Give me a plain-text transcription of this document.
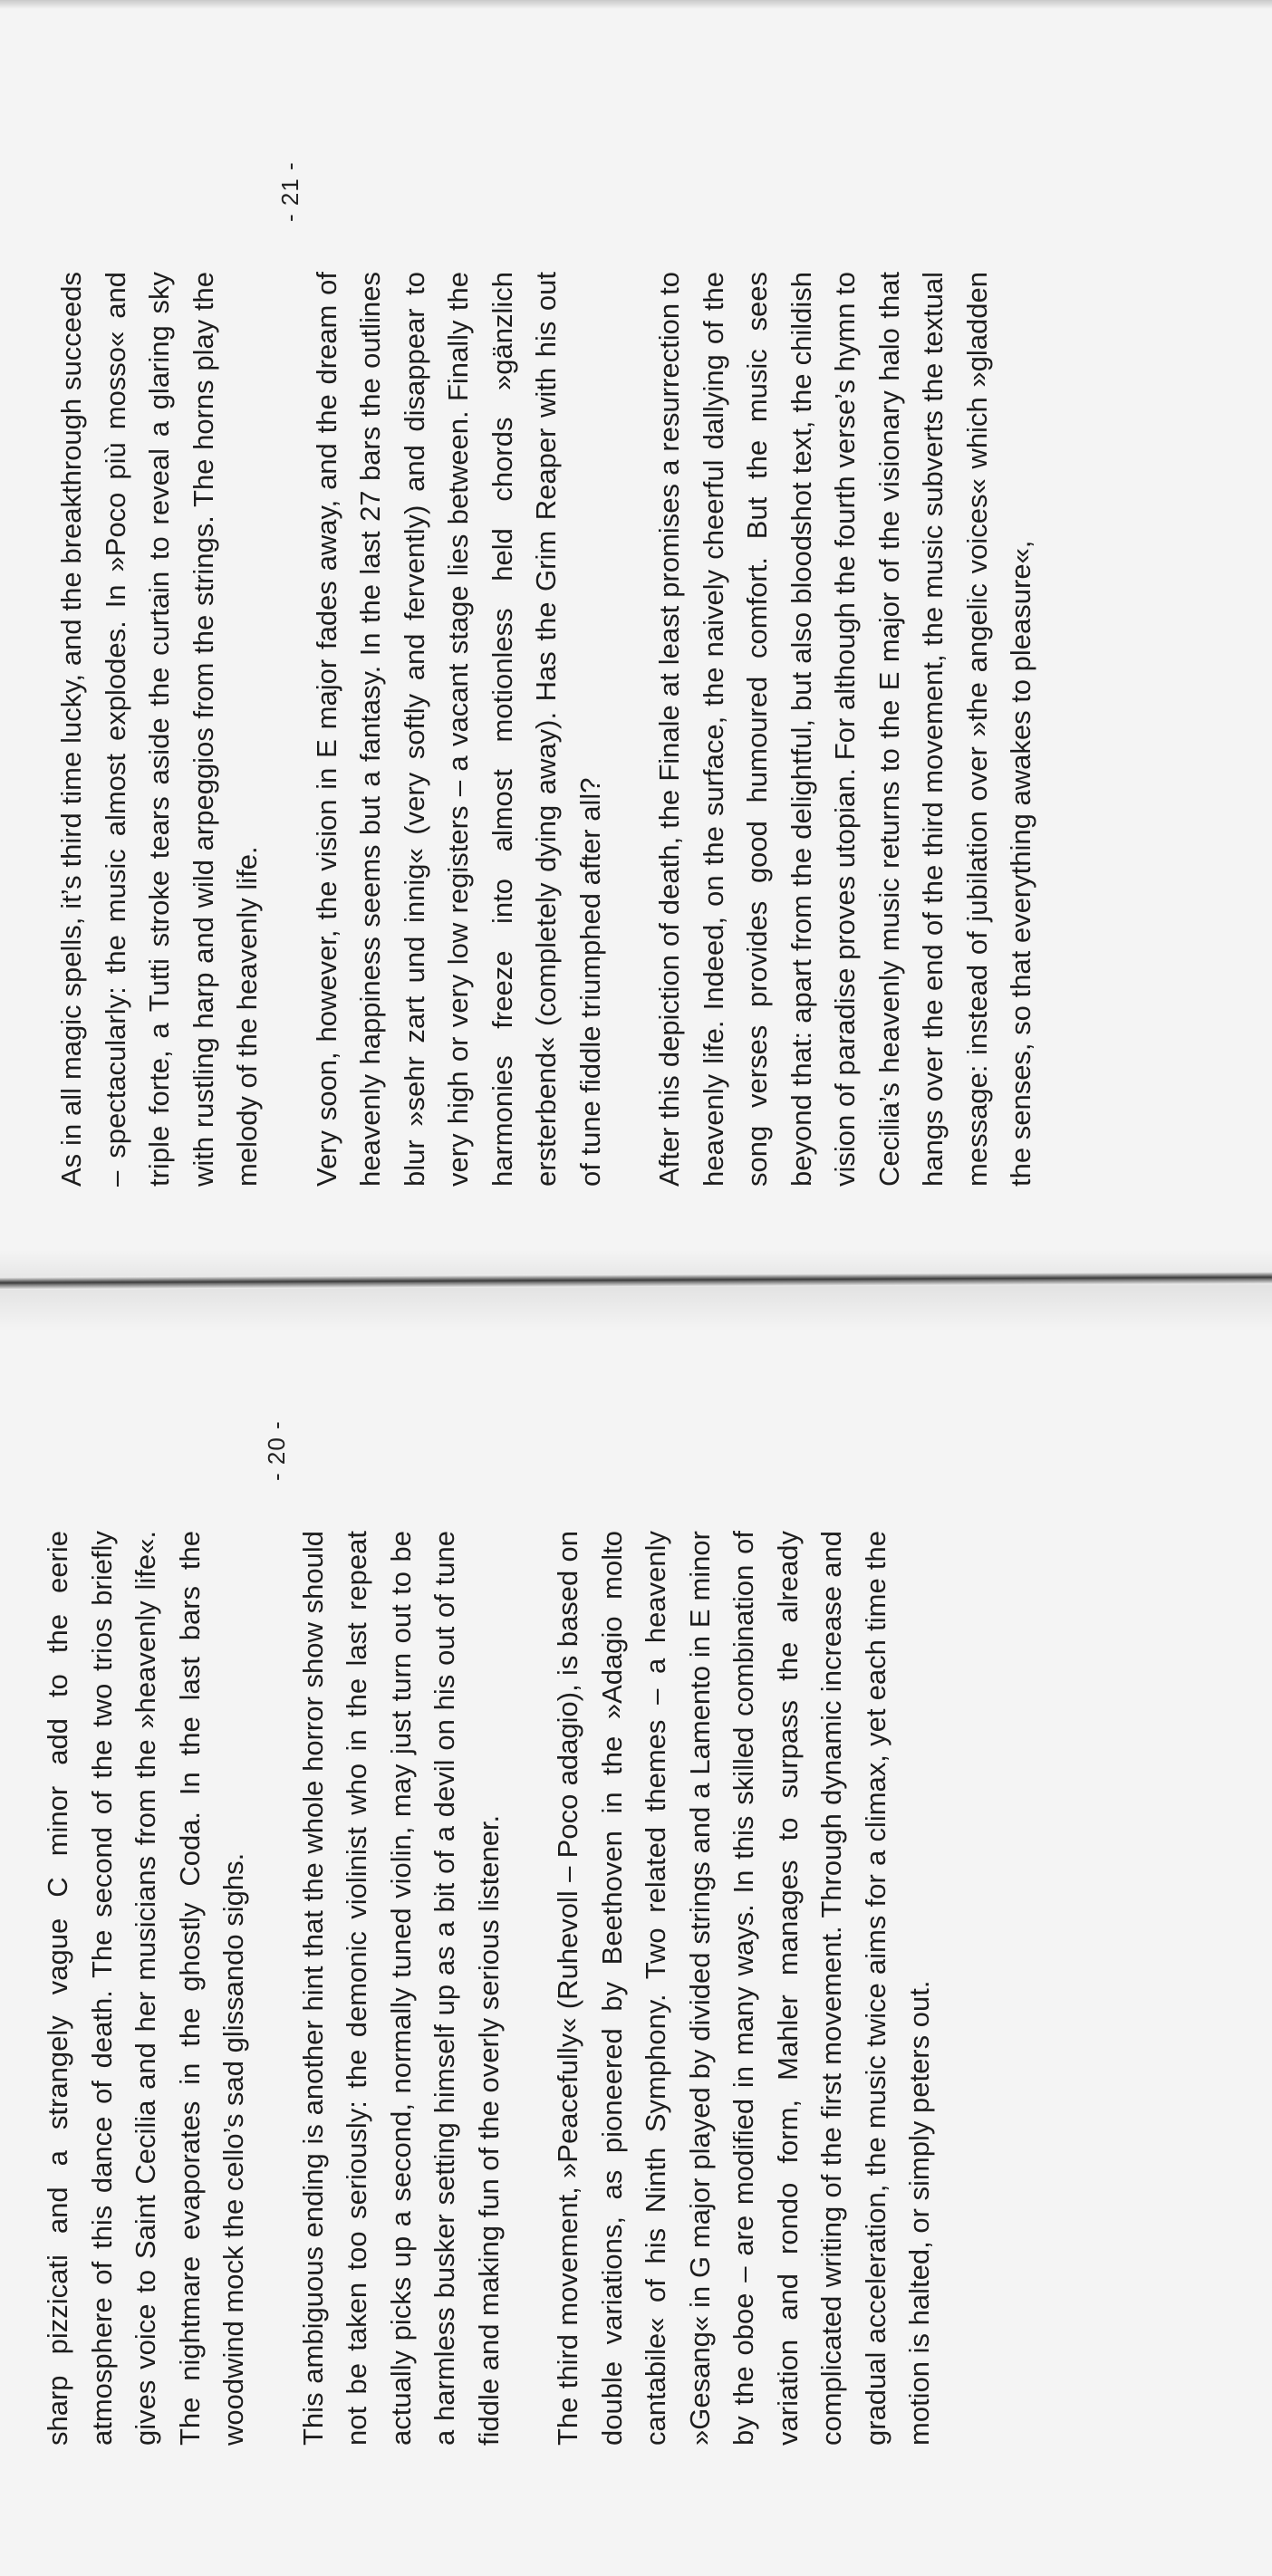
sharp pizzicati and a strangely vague C minor add to the eerie atmosphere of this dance of death. The second of the two trios briefly gives voice to Saint Cecilia and her musicians from the »heavenly life«. The nightmare evaporates in the ghostly Coda. In the last bars the woodwind mock the cello’s sad glissando sighs. This ambiguous ending is another hint that the whole horror show should not be taken too seriously: the demonic violinist who in the last repeat actually picks up a second, normally tuned violin, may just turn out to be a harmless busker setting himself up as a bit of a devil on his out of tune fiddle and making fun of the overly serious listener. The third movement, »Peacefully« (Ruhevoll – Poco adagio), is based on double variations, as pioneered by Beethoven in the »Adagio molto cantabile« of his Ninth Symphony. Two related themes – a heavenly »Gesang« in G major played by divided strings and a Lamento in E minor by the oboe – are modified in many ways. In this skilled combination of variation and rondo form, Mahler manages to surpass the already complicated writing of the first movement. Through dynamic increase and gradual acceleration, the music twice aims for a climax, yet each time the motion is halted, or simply peters out.

- 20 -

As in all magic spells, it’s third time lucky, and the breakthrough succeeds – spectacularly: the music almost explodes. In »Poco più mosso« and triple forte, a Tutti stroke tears aside the curtain to reveal a glaring sky with rustling harp and wild arpeggios from the strings. The horns play the melody of the heavenly life. Very soon, however, the vision in E major fades away, and the dream of heavenly happiness seems but a fantasy. In the last 27 bars the outlines blur »sehr zart und innig« (very softly and fervently) and disappear to very high or very low registers – a vacant stage lies between. Finally the harmonies freeze into almost motionless held chords »gänzlich ersterbend« (completely dying away). Has the Grim Reaper with his out of tune fiddle triumphed after all? After this depiction of death, the Finale at least promises a resurrection to heavenly life. Indeed, on the surface, the naively cheerful dallying of the song verses provides good humoured comfort. But the music sees beyond that: apart from the delightful, but also bloodshot text, the childish vision of paradise proves utopian. For although the fourth verse’s hymn to Cecilia’s heavenly music returns to the E major of the visionary halo that hangs over the end of the third movement, the music subverts the textual message: instead of jubilation over »the angelic voices« which »gladden the senses, so that everything awakes to pleasure«,

- 21 -
